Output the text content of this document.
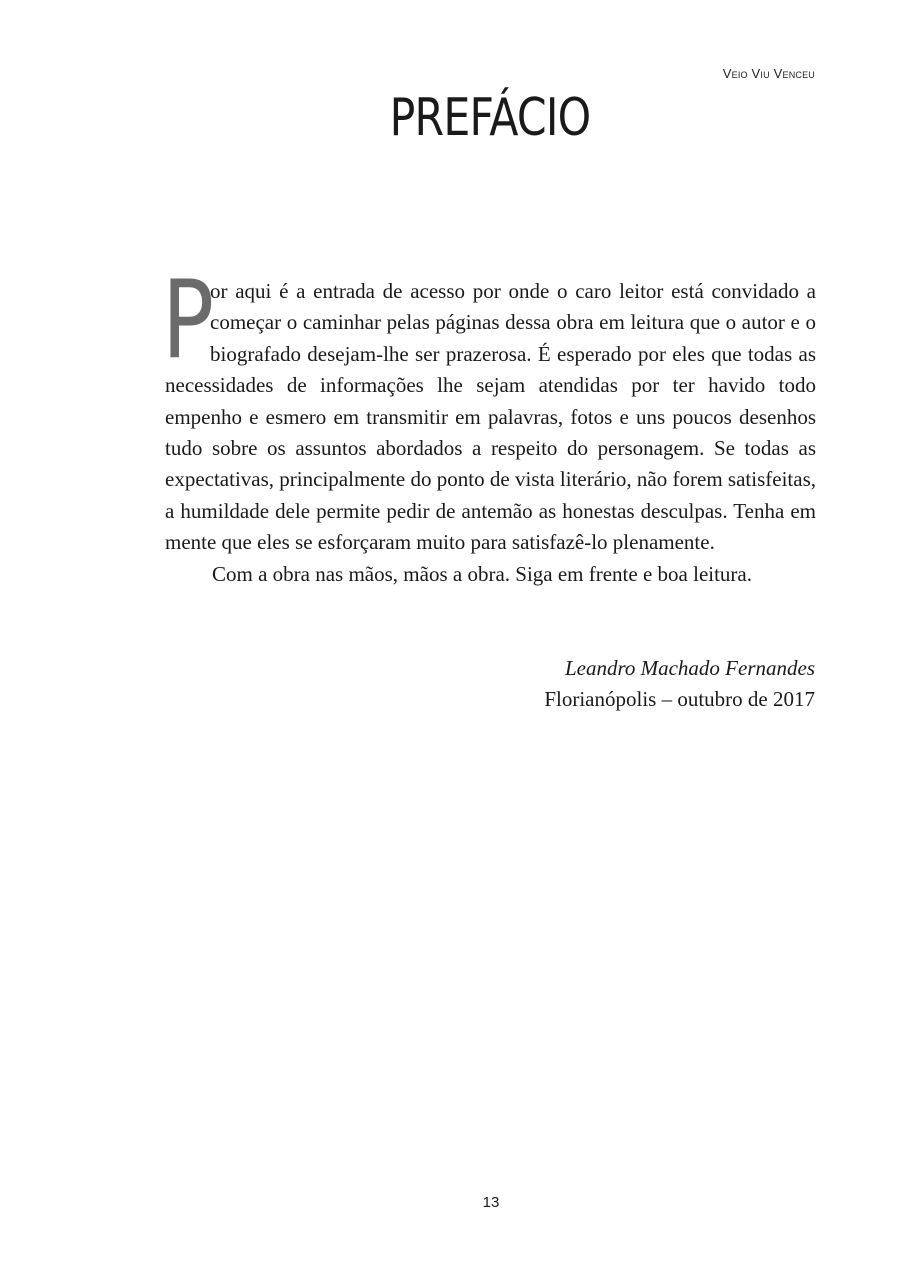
Veio Viu Venceu
PREFÁCIO

P
or aqui é a entrada de acesso por onde o caro leitor está convidado a começar o caminhar pelas páginas dessa obra em leitura que o autor e o biografado desejam-lhe ser prazerosa. É esperado por eles que todas as necessidades de informações lhe sejam atendidas por ter havido todo empenho e esmero em transmitir em palavras, fotos e uns poucos desenhos tudo sobre os assuntos abordados a respeito do personagem. Se todas as expectativas, principalmente do ponto de vista literário, não forem satisfeitas, a humildade dele permite pedir de antemão as honestas desculpas. Tenha em mente que eles se esforçaram muito para satisfazê-lo plenamente.

Com a obra nas mãos, mãos a obra. Siga em frente e boa leitura.

Leandro Machado Fernandes
Florianópolis – outubro de 2017
13
